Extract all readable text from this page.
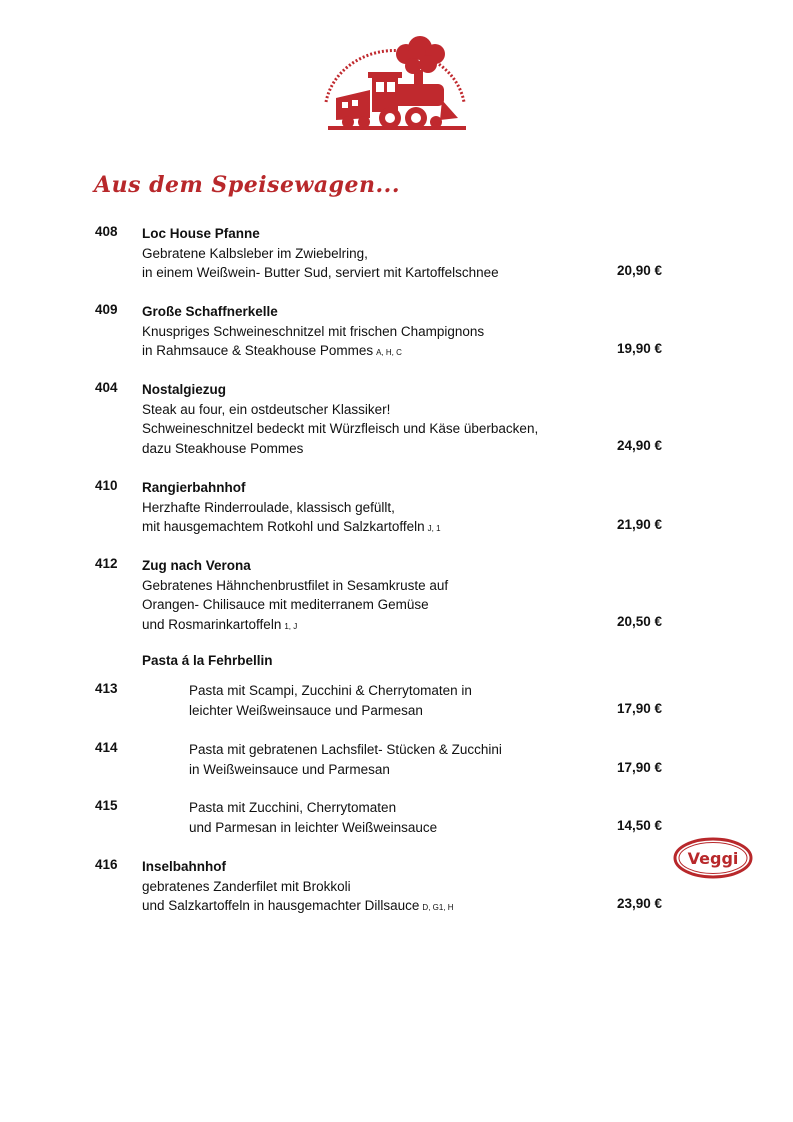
Aus dem Speisewagen...
408 Loc House Pfanne
Gebratene Kalbsleber im Zwiebelring,
in einem Weißwein- Butter Sud, serviert mit Kartoffelschnee	20,90 €
409 Große Schaffnerkelle
Knuspriges Schweineschnitzel mit frischen Champignons
in Rahmsauce & Steakhouse Pommes A, H, C	19,90 €
404 Nostalgiezug
Steak au four, ein ostdeutscher Klassiker!
Schweineschnitzel bedeckt mit Würzfleisch und Käse überbacken,
dazu Steakhouse Pommes	24,90 €
410 Rangierbahnhof
Herzhafte Rinderroulade, klassisch gefüllt,
mit hausgemachtem Rotkohl und Salzkartoffeln J, 1	21,90 €
412 Zug nach Verona
Gebratenes Hähnchenbrustfilet in Sesamkruste auf
Orangen- Chilisauce mit mediterranem Gemüse
und Rosmarinkartoffeln 1, J	20,50 €
Pasta á la Fehrbellin
413	Pasta mit Scampi, Zucchini & Cherrytomaten in
leichter Weißweinsauce und Parmesan	17,90 €
414	Pasta mit gebratenen Lachsfilet- Stücken & Zucchini
in Weißweinsauce und Parmesan	17,90 €
415	Pasta mit Zucchini, Cherrytomaten
und Parmesan in leichter Weißweinsauce	14,50 €
Veggi
416 Inselbahnhof
gebratenes Zanderfilet mit Brokkoli
und Salzkartoffeln in hausgemachter Dillsauce D, G1, H	23,90 €
